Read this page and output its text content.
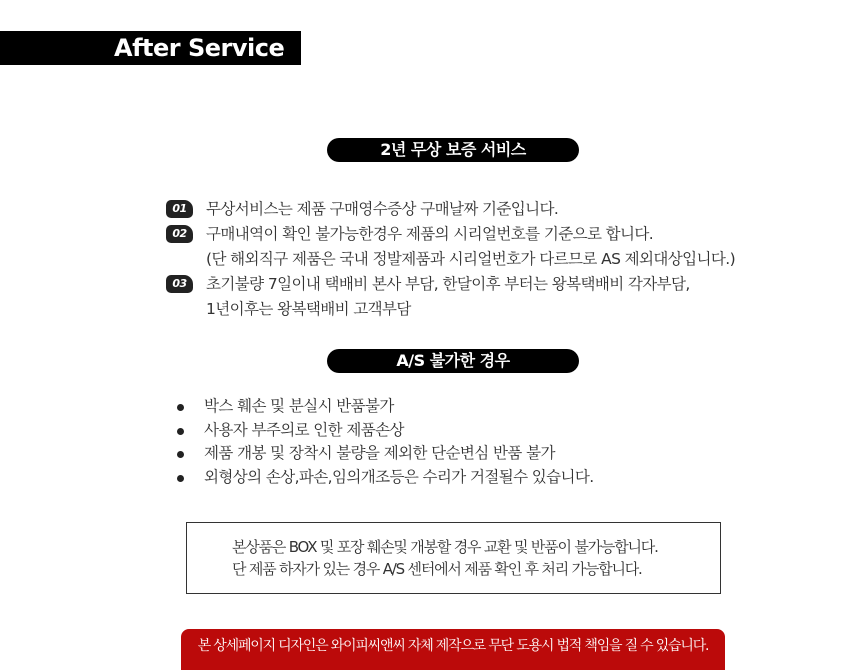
After Service
2년 무상 보증 서비스
01	무상서비스는 제품 구매영수증상 구매날짜 기준입니다.
02	구매내역이 확인 불가능한경우 제품의 시리얼번호를 기준으로 합니다.
(단 해외직구 제품은 국내 정발제품과 시리얼번호가 다르므로 AS 제외대상입니다.)
03	초기불량 7일이내 택배비 본사 부담, 한달이후 부터는 왕복택배비 각자부담,
1년이후는 왕복택배비 고객부담
A/S 불가한 경우
박스 훼손 및 분실시 반품불가
사용자 부주의로 인한 제품손상
제품 개봉 및 장착시 불량을 제외한 단순변심 반품 불가
외형상의 손상,파손,임의개조등은 수리가 거절될수 있습니다.
본상품은 BOX 및 포장 훼손및 개봉할 경우 교환 및 반품이 불가능합니다.
단 제품 하자가 있는 경우 A/S 센터에서 제품 확인 후 처리 가능합니다.
본 상세페이지 디자인은 와이피씨앤씨 자체 제작으로 무단 도용시 법적 책임을 질 수 있습니다.
